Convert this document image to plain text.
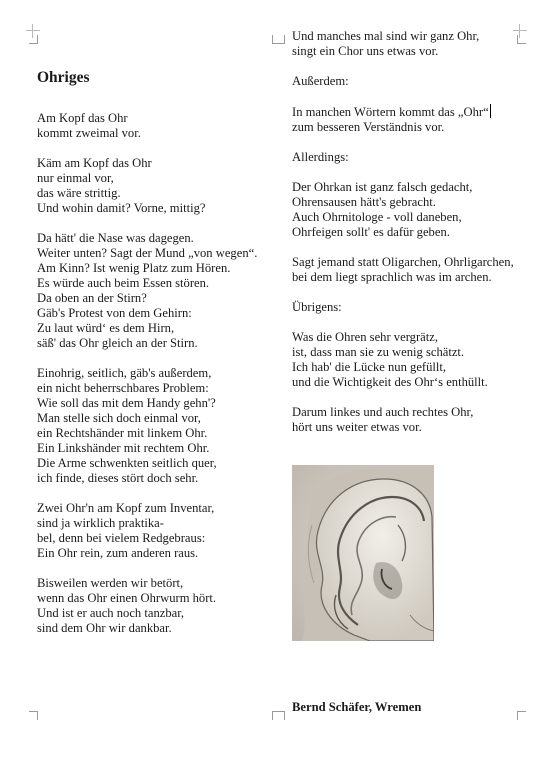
Ohriges
Am Kopf das Ohr
kommt zweimal vor.
Käm am Kopf das Ohr
nur einmal vor,
das wäre strittig.
Und wohin damit? Vorne, mittig?
Da hätt' die Nase was dagegen.
Weiter unten? Sagt der Mund „von wegen“.
Am Kinn? Ist wenig Platz zum Hören.
Es würde auch beim Essen stören.
Da oben an der Stirn?
Gäb's Protest von dem Gehirn:
Zu laut würd‘ es dem Hirn,
säß' das Ohr gleich an der Stirn.
Einohrig, seitlich, gäb's außerdem,
ein nicht beherrschbares Problem:
Wie soll das mit dem Handy gehn'?
Man stelle sich doch einmal vor,
ein Rechtshänder mit linkem Ohr.
Ein Linkshänder mit rechtem Ohr.
Die Arme schwenkten seitlich quer,
ich finde, dieses stört doch sehr.
Zwei Ohr'n am Kopf zum Inventar,
sind ja wirklich praktika-
bel, denn bei vielem Redgebraus:
Ein Ohr rein, zum anderen raus.
Bisweilen werden wir betört,
wenn das Ohr einen Ohrwurm hört.
Und ist er auch noch tanzbar,
sind dem Ohr wir dankbar.
Und manches mal sind wir ganz Ohr,
singt ein Chor uns etwas vor.
Außerdem:
In manchen Wörtern kommt das „Ohr“
zum besseren Verständnis vor.
Allerdings:
Der Ohrkan ist ganz falsch gedacht,
Ohrensausen hätt's gebracht.
Auch Ohrnitologe - voll daneben,
Ohrfeigen sollt' es dafür geben.
Sagt jemand statt Oligarchen, Ohrligarchen,
bei dem liegt sprachlich was im archen.
Übrigens:
Was die Ohren sehr vergrätz,
ist, dass man sie zu wenig schätzt.
Ich hab' die Lücke nun gefüllt,
und die Wichtigkeit des Ohr‘s enthüllt.
Darum linkes und auch rechtes Ohr,
hört uns weiter etwas vor.
Bernd Schäfer, Wremen
